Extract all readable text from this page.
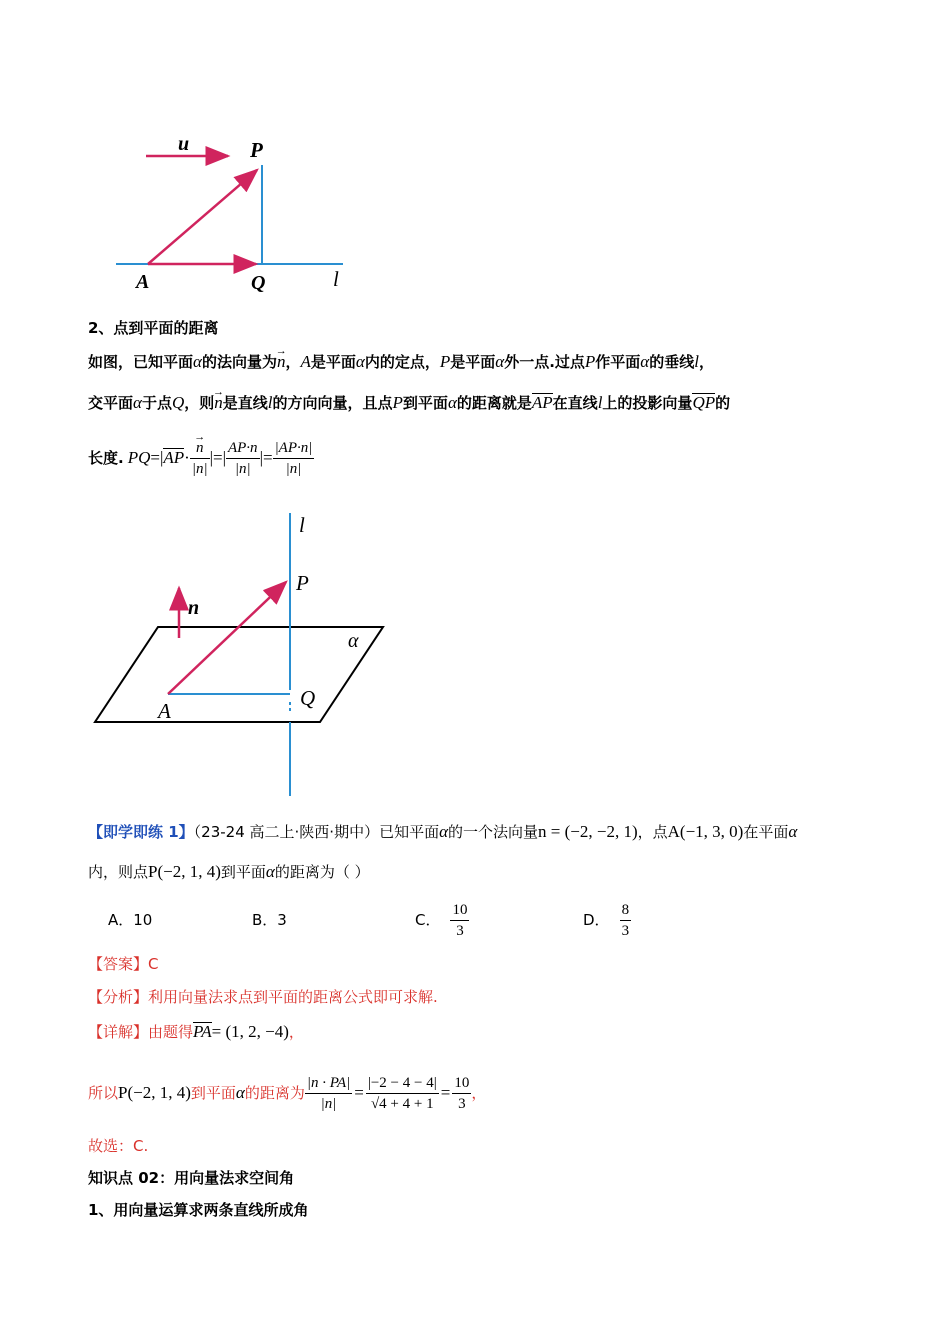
u	P
A	Q	l
2、点到平面的距离
如图，已知平面α的法向量为→ n，A是平面α内的定点，P是平面α外一点.过点P作平面α的垂线l，
交平面α于点Q，则→ n是直线l的方向向量，且点P到平面α的距离就是AP在直线l上的投影向量QP的
长度. PQ =| AP ·
→ $\frac{n}{|n|}$ |=| $\frac{AP\cdot n}{|n|}$ |= $\frac{|AP\cdot n|}{|n|}$
l
P
n
α
A
Q
【即学即练 1】（23-24 高二上·陕西·期中）已知平面α的一个法向量n = (−2, −2, 1)，点A(−1, 3, 0)在平面α
内，则点P(−2, 1, 4)到平面α的距离为（ ）
A．10	B．3	C． $\frac{10}{3}$	D． $\frac{8}{3}$
【答案】C
【分析】利用向量法求点到平面的距离公式即可求解.
【详解】由题得PA= (1, 2, −4)，
所以 P(−2, 1, 4) 到平面 α 的距离为 $\frac{|n \cdot PA|}{|n|} = \frac{|-2 - 4 - 4|}{√4 + 4 + 1} = \frac{10}{3}$ ，
故选：C.
知识点 02：用向量法求空间角
1、用向量运算求两条直线所成角
